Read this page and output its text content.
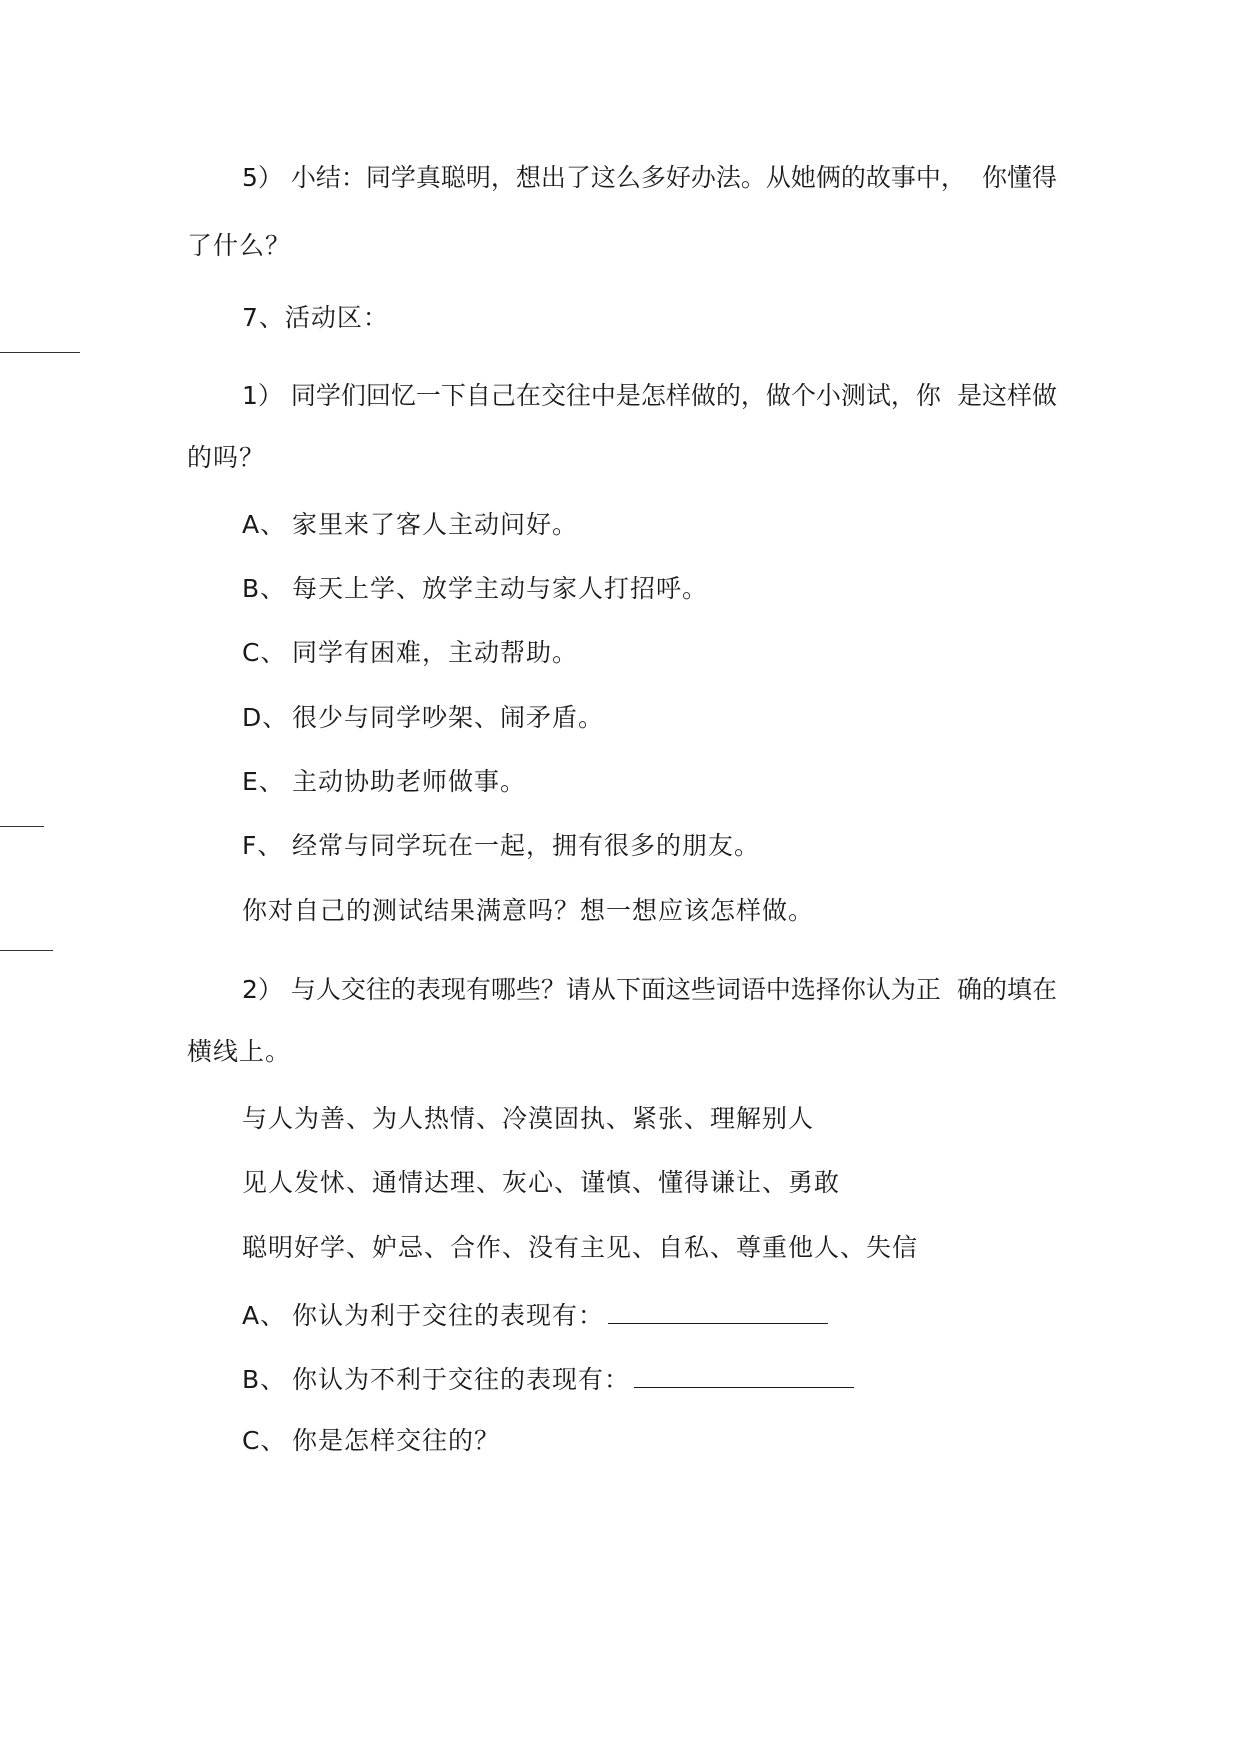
5） 小结：同学真聪明，想出了这么多好办法。从她俩的故事中， 你懂得
了什么？
7、活动区：
1） 同学们回忆一下自己在交往中是怎样做的，做个小测试，你 是这样做
的吗？
A、 家里来了客人主动问好。
B、 每天上学、放学主动与家人打招呼。
C、 同学有困难，主动帮助。
D、 很少与同学吵架、闹矛盾。
E、 主动协助老师做事。
F、 经常与同学玩在一起，拥有很多的朋友。
你对自己的测试结果满意吗？想一想应该怎样做。
2） 与人交往的表现有哪些？请从下面这些词语中选择你认为正 确的填在
横线上。
与人为善、为人热情、冷漠固执、紧张、理解别人
见人发怵、通情达理、灰心、谨慎、懂得谦让、勇敢
聪明好学、妒忌、合作、没有主见、自私、尊重他人、失信
A、 你认为利于交往的表现有：
B、 你认为不利于交往的表现有：
C、 你是怎样交往的？
